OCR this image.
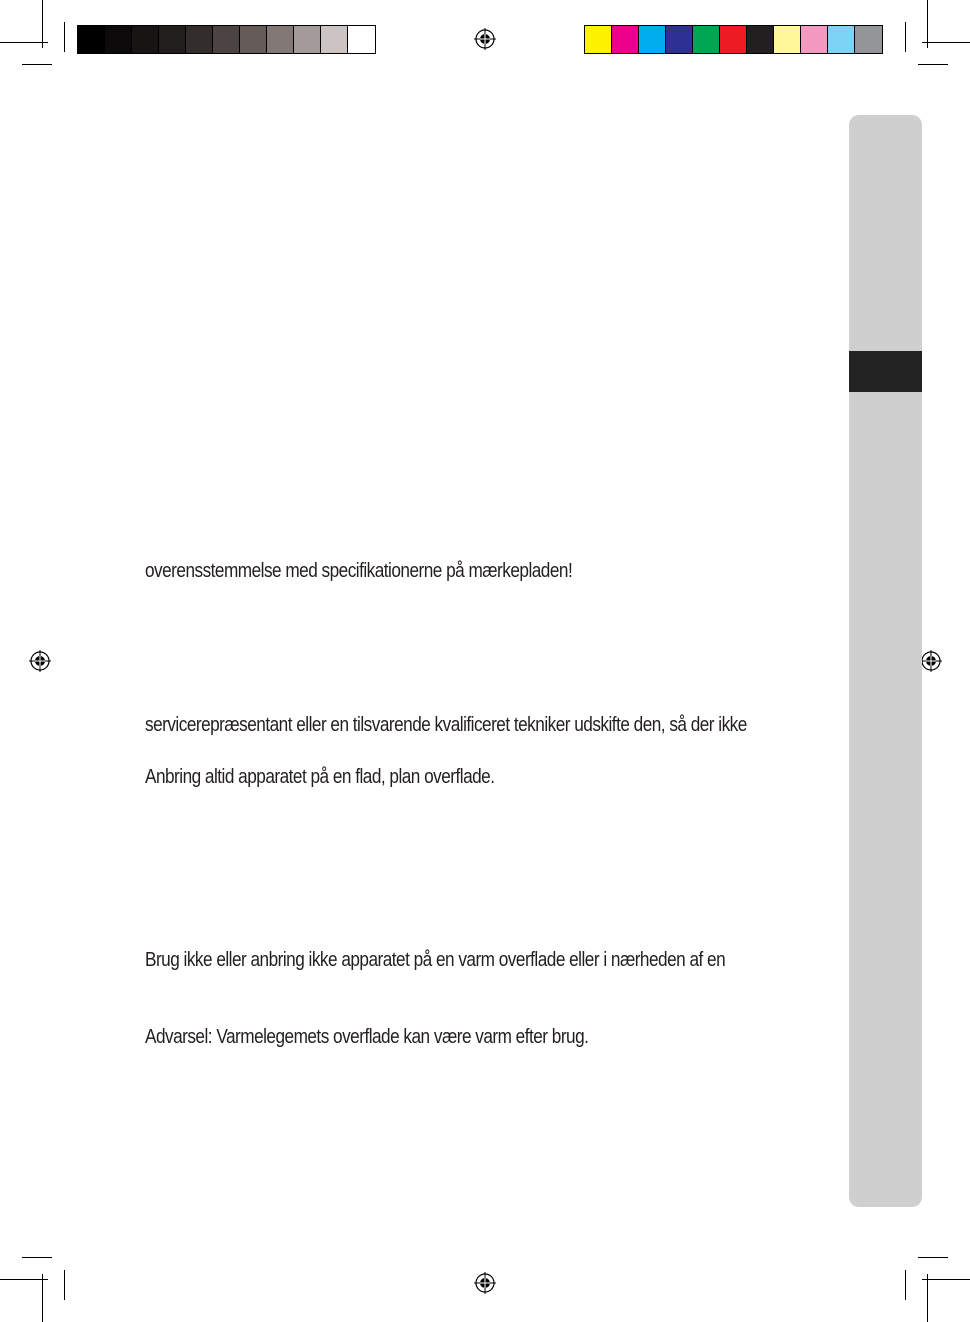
overensstemmelse med specifikationerne på mærkepladen!
servicerepræsentant eller en tilsvarende kvalificeret tekniker udskifte den, så der ikke
Anbring altid apparatet på en flad, plan overflade.
Brug ikke eller anbring ikke apparatet på en varm overflade eller i nærheden af en
Advarsel: Varmelegemets overflade kan være varm efter brug.
